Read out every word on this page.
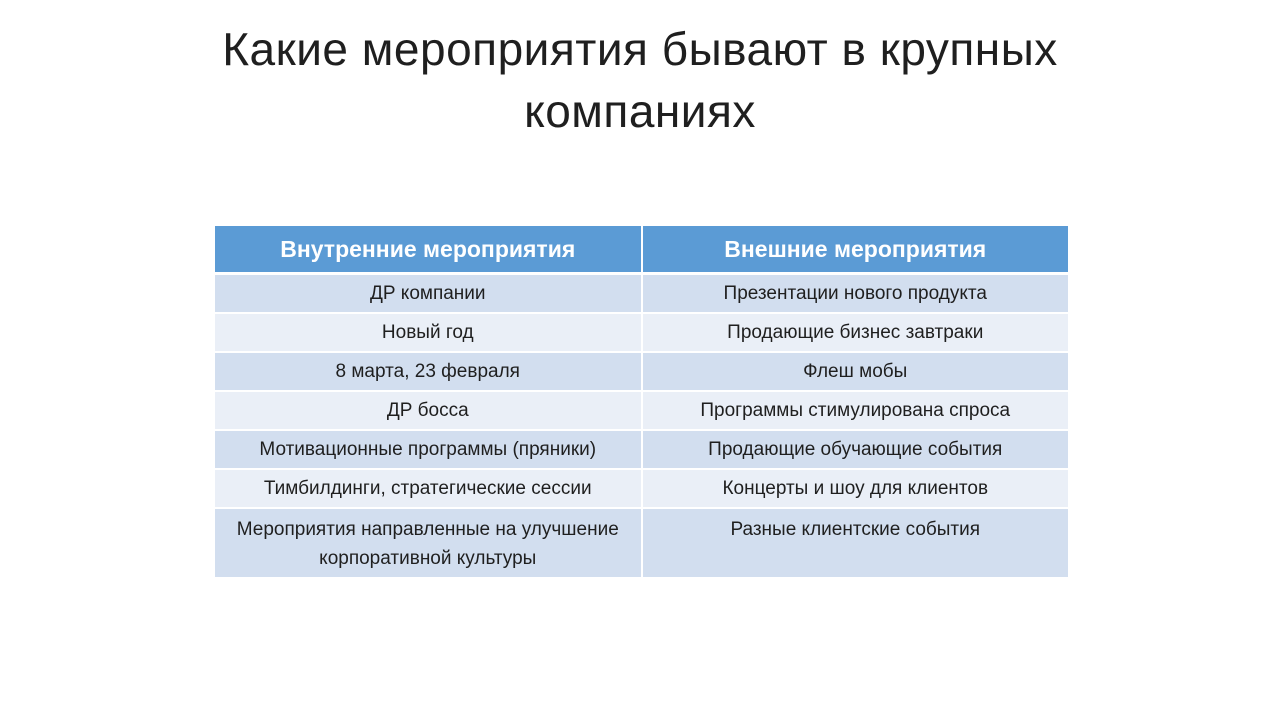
Какие мероприятия бывают в крупных компаниях
Внутренние мероприятия	Внешние мероприятия
ДР компании	Презентации нового продукта
Новый год	Продающие бизнес завтраки
8 марта, 23 февраля	Флеш мобы
ДР босса	Программы стимулирована спроса
Мотивационные программы (пряники)	Продающие обучающие события
Тимбилдинги, стратегические сессии	Концерты и шоу для клиентов
Мероприятия направленные на улучшение корпоративной культуры	Разные клиентские события
